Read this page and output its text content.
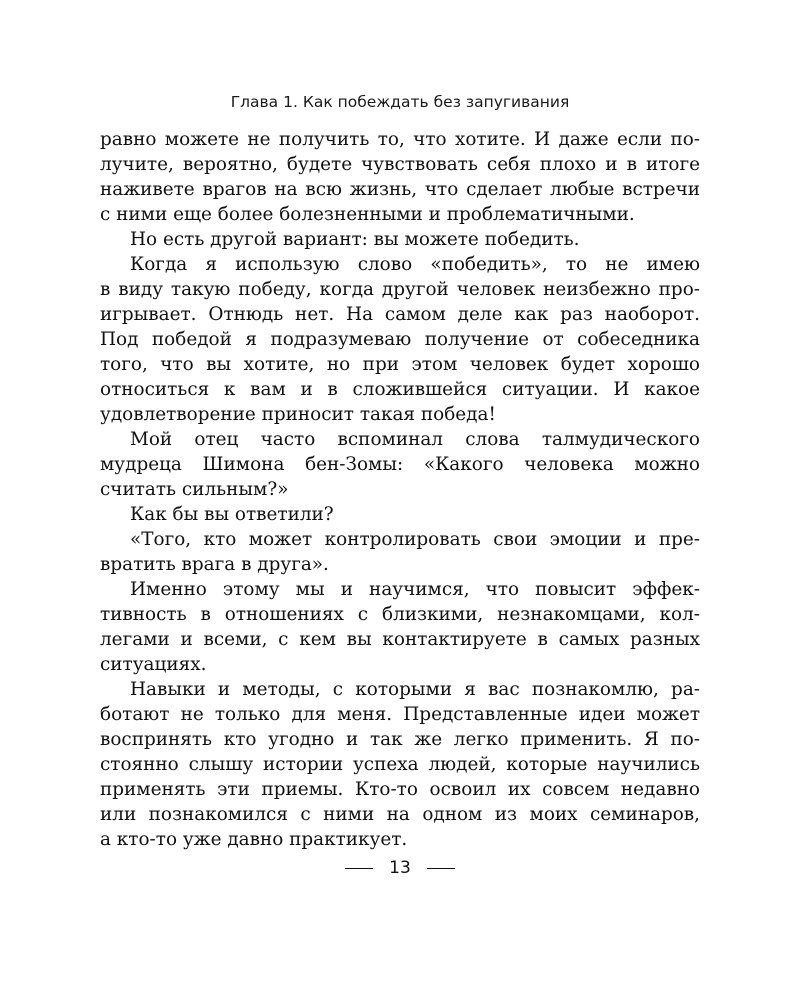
Глава 1. Как побеждать без запугивания

равно можете не получить то, что хотите. И даже если по-
лучите, вероятно, будете чувствовать себя плохо и в итоге
наживете врагов на всю жизнь, что сделает любые встречи
с ними еще более болезненными и проблематичными.
Но есть другой вариант: вы можете победить.
Когда я использую слово «победить», то не имею
в виду такую победу, когда другой человек неизбежно про-
игрывает. Отнюдь нет. На самом деле как раз наоборот.
Под победой я подразумеваю получение от собеседника
того, что вы хотите, но при этом человек будет хорошо
относиться к вам и в сложившейся ситуации. И какое
удовлетворение приносит такая победа!
Мой отец часто вспоминал слова талмудического
мудреца Шимона бен-Зомы: «Какого человека можно
считать сильным?»
Как бы вы ответили?
«Того, кто может контролировать свои эмоции и пре-
вратить врага в друга».
Именно этому мы и научимся, что повысит эффек-
тивность в отношениях с близкими, незнакомцами, кол-
легами и всеми, с кем вы контактируете в самых разных
ситуациях.
Навыки и методы, с которыми я вас познакомлю, ра-
ботают не только для меня. Представленные идеи может
воспринять кто угодно и так же легко применить. Я по-
стоянно слышу истории успеха людей, которые научились
применять эти приемы. Кто-то освоил их совсем недавно
или познакомился с ними на одном из моих семинаров,
а кто-то уже давно практикует.
13
